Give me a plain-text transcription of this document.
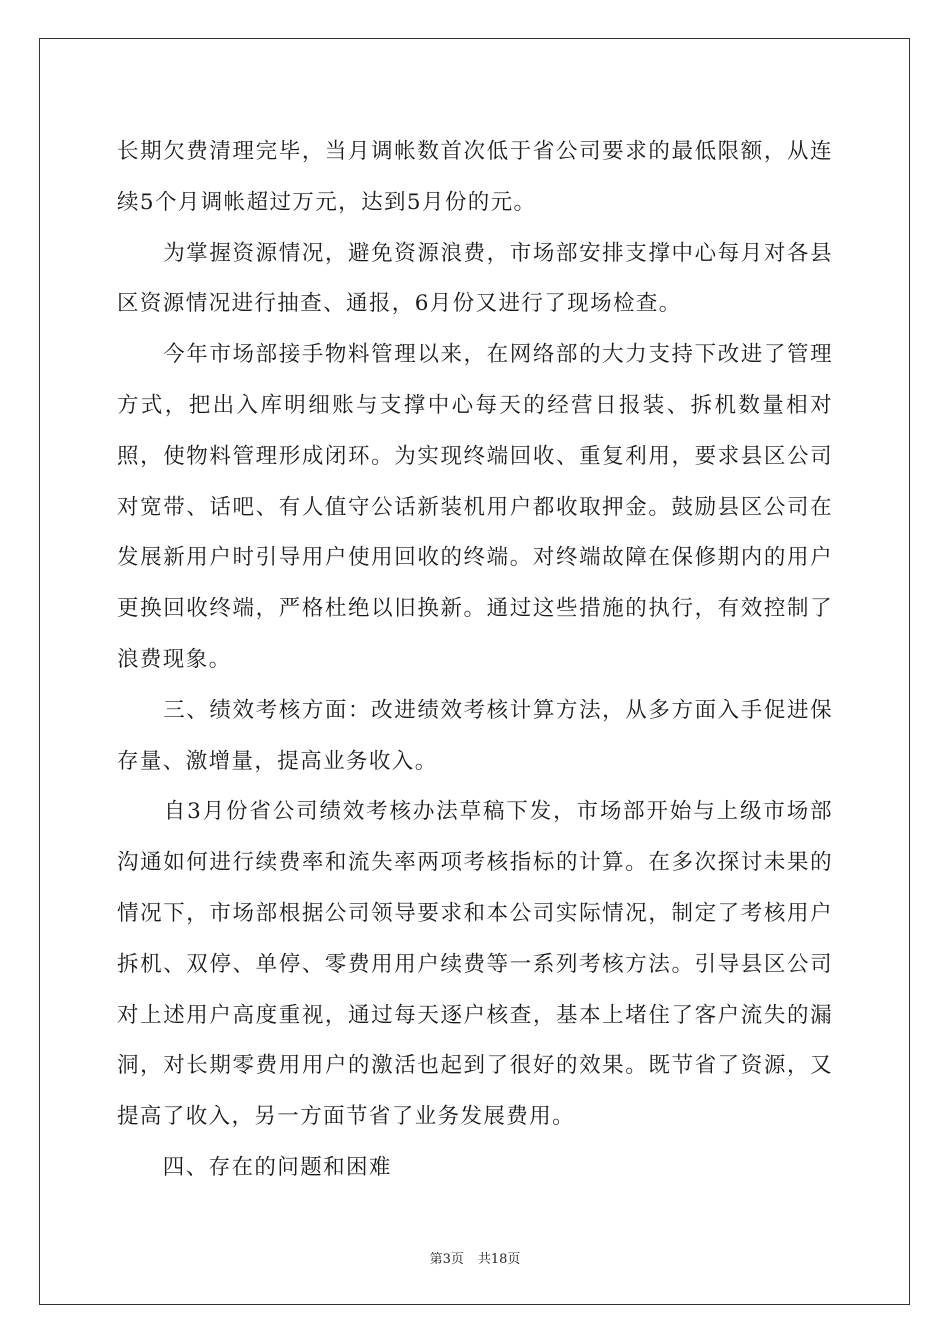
长期欠费清理完毕，当月调帐数首次低于省公司要求的最低限额，从连续5个月调帐超过万元，达到5月份的元。

　　为掌握资源情况，避免资源浪费，市场部安排支撑中心每月对各县区资源情况进行抽查、通报，6月份又进行了现场检查。

　　今年市场部接手物料管理以来，在网络部的大力支持下改进了管理方式，把出入库明细账与支撑中心每天的经营日报装、拆机数量相对照，使物料管理形成闭环。为实现终端回收、重复利用，要求县区公司对宽带、话吧、有人值守公话新装机用户都收取押金。鼓励县区公司在发展新用户时引导用户使用回收的终端。对终端故障在保修期内的用户更换回收终端，严格杜绝以旧换新。通过这些措施的执行，有效控制了浪费现象。

　　三、绩效考核方面：改进绩效考核计算方法，从多方面入手促进保存量、激增量，提高业务收入。

　　自3月份省公司绩效考核办法草稿下发，市场部开始与上级市场部沟通如何进行续费率和流失率两项考核指标的计算。在多次探讨未果的情况下，市场部根据公司领导要求和本公司实际情况，制定了考核用户拆机、双停、单停、零费用用户续费等一系列考核方法。引导县区公司对上述用户高度重视，通过每天逐户核查，基本上堵住了客户流失的漏洞，对长期零费用用户的激活也起到了很好的效果。既节省了资源，又提高了收入，另一方面节省了业务发展费用。

　　四、存在的问题和困难

第3页 共18页
